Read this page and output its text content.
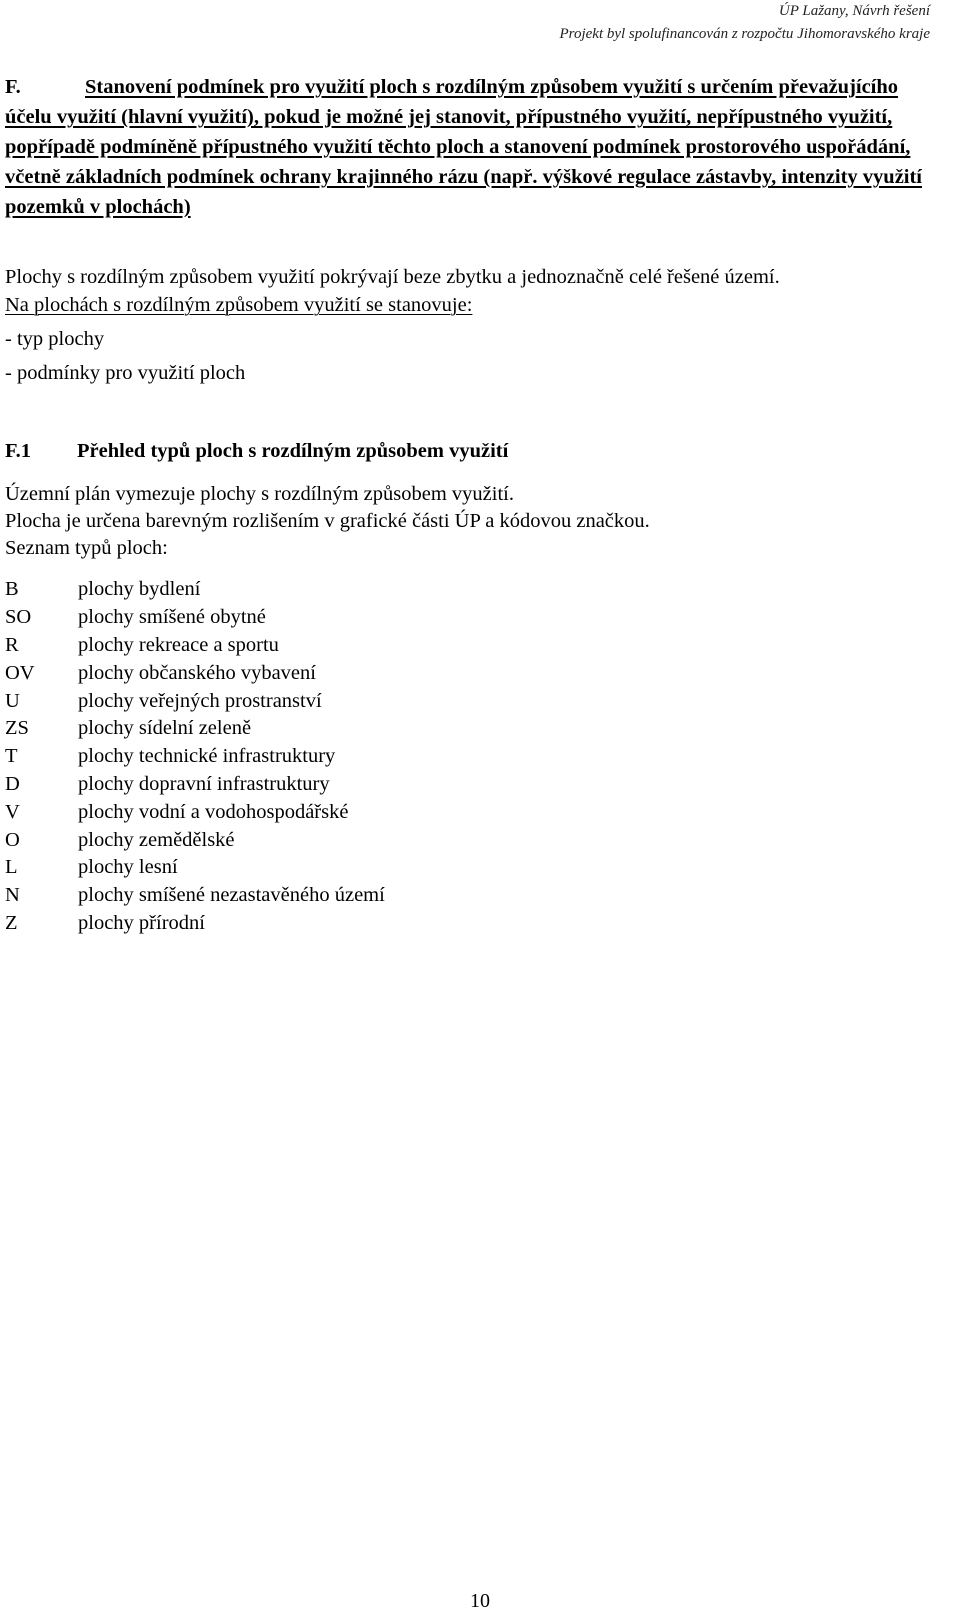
ÚP Lažany, Návrh řešení
Projekt byl spolufinancován z rozpočtu Jihomoravského kraje
F.	Stanovení podmínek pro využití ploch s rozdílným způsobem využití s určením převažujícího účelu využití (hlavní využití), pokud je možné jej stanovit, přípustného využití, nepřípustného využití, popřípadě podmíněně přípustného využití těchto ploch a stanovení podmínek prostorového uspořádání, včetně základních podmínek ochrany krajinného rázu (např. výškové regulace zástavby, intenzity využití pozemků v plochách)
Plochy s rozdílným způsobem využití pokrývají beze zbytku a jednoznačně celé řešené území.
Na plochách s rozdílným způsobem využití se stanovuje:
- typ plochy
- podmínky pro využití ploch
F.1 Přehled typů ploch s rozdílným způsobem využití
Územní plán vymezuje plochy s rozdílným způsobem využití.
Plocha je určena barevným rozlišením v grafické části ÚP a kódovou značkou.
Seznam typů ploch:
B	plochy bydlení
SO	plochy smíšené obytné
R	plochy rekreace a sportu
OV	plochy občanského vybavení
U	plochy veřejných prostranství
ZS	plochy sídelní zeleně
T	plochy technické infrastruktury
D	plochy dopravní infrastruktury
V	plochy vodní a vodohospodářské
O	plochy zemědělské
L	plochy lesní
N	plochy smíšené nezastavěného území
Z	plochy přírodní
10
